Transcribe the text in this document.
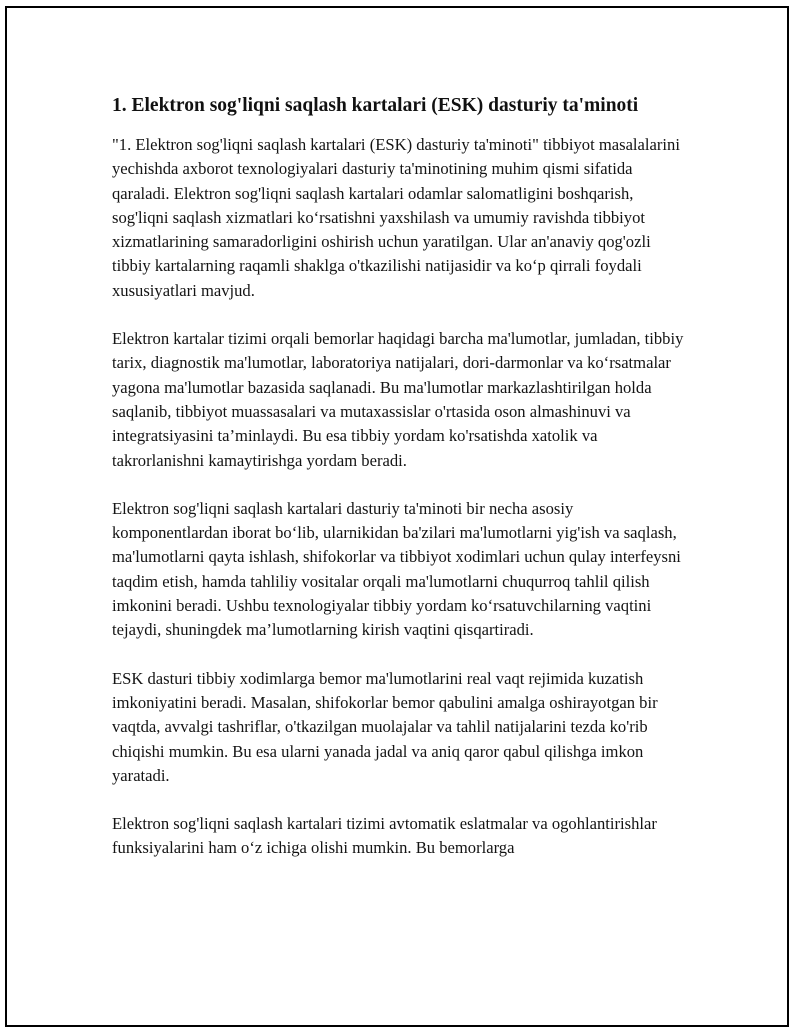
1. Elektron sog'liqni saqlash kartalari (ESK) dasturiy ta'minoti

"1. Elektron sog'liqni saqlash kartalari (ESK) dasturiy ta'minoti" tibbiyot masalalarini yechishda axborot texnologiyalari dasturiy ta'minotining muhim qismi sifatida qaraladi. Elektron sog'liqni saqlash kartalari odamlar salomatligini boshqarish, sog'liqni saqlash xizmatlari ko‘rsatishni yaxshilash va umumiy ravishda tibbiyot xizmatlarining samaradorligini oshirish uchun yaratilgan. Ular an'anaviy qog'ozli tibbiy kartalarning raqamli shaklga o'tkazilishi natijasidir va ko‘p qirrali foydali xususiyatlari mavjud.

Elektron kartalar tizimi orqali bemorlar haqidagi barcha ma'lumotlar, jumladan, tibbiy tarix, diagnostik ma'lumotlar, laboratoriya natijalari, dori-darmonlar va ko‘rsatmalar yagona ma'lumotlar bazasida saqlanadi. Bu ma'lumotlar markazlashtirilgan holda saqlanib, tibbiyot muassasalari va mutaxassislar o'rtasida oson almashinuvi va integratsiyasini ta’minlaydi. Bu esa tibbiy yordam ko'rsatishda xatolik va takrorlanishni kamaytirishga yordam beradi.

Elektron sog'liqni saqlash kartalari dasturiy ta'minoti bir necha asosiy komponentlardan iborat bo‘lib, ularnikidan ba'zilari ma'lumotlarni yig'ish va saqlash, ma'lumotlarni qayta ishlash, shifokorlar va tibbiyot xodimlari uchun qulay interfeysni taqdim etish, hamda tahliliy vositalar orqali ma'lumotlarni chuqurroq tahlil qilish imkonini beradi. Ushbu texnologiyalar tibbiy yordam ko‘rsatuvchilarning vaqtini tejaydi, shuningdek ma’lumotlarning kirish vaqtini qisqartiradi.

ESK dasturi tibbiy xodimlarga bemor ma'lumotlarini real vaqt rejimida kuzatish imkoniyatini beradi. Masalan, shifokorlar bemor qabulini amalga oshirayotgan bir vaqtda, avvalgi tashriflar, o'tkazilgan muolajalar va tahlil natijalarini tezda ko'rib chiqishi mumkin. Bu esa ularni yanada jadal va aniq qaror qabul qilishga imkon yaratadi.

Elektron sog'liqni saqlash kartalari tizimi avtomatik eslatmalar va ogohlantirishlar funksiyalarini ham o‘z ichiga olishi mumkin. Bu bemorlarga
